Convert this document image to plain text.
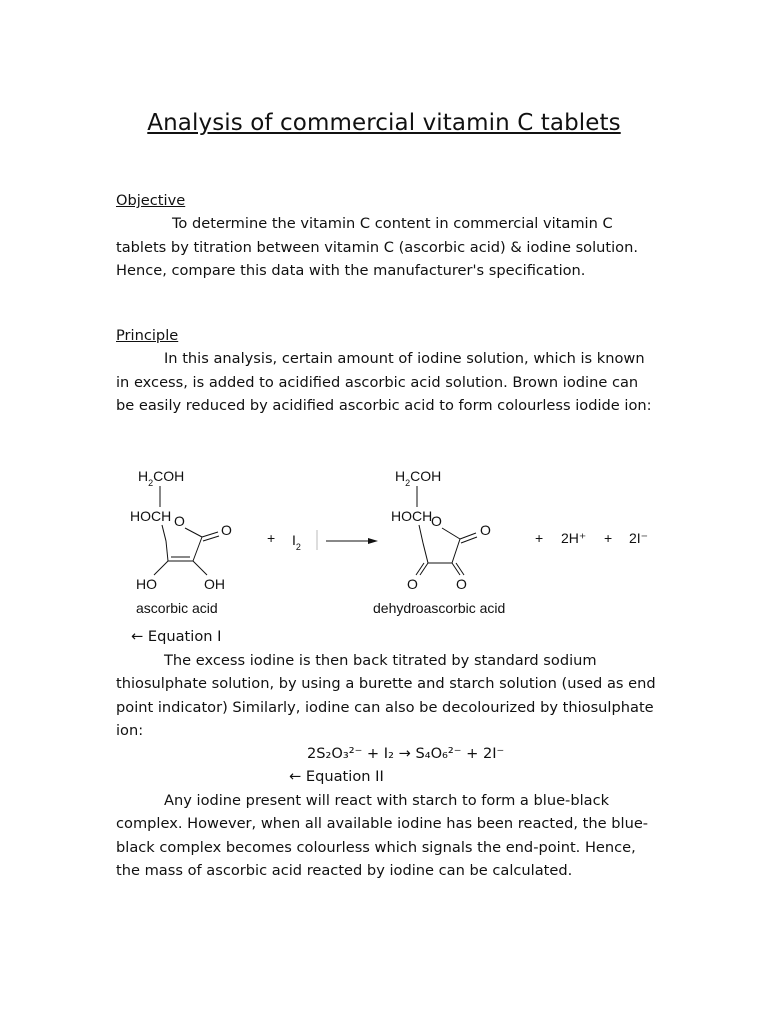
Analysis of commercial vitamin C tablets

Objective

To determine the vitamin C content in commercial vitamin C tablets by titration between vitamin C (ascorbic acid) & iodine solution. Hence, compare this data with the manufacturer's specification.

Principle

In this analysis, certain amount of iodine solution, which is known in excess, is added to acidified ascorbic acid solution. Brown iodine can be easily reduced by acidified ascorbic acid to form colourless iodide ion:

$H_2COH$
HOCH O
O
HO	OH
ascorbic acid
+ $I_2$
$H_2COH$
HOCH
O
O
O	O
dehydroascorbic acid
+ 2H⁺ + 2I⁻
← Equation I

The excess iodine is then back titrated by standard sodium thiosulphate solution, by using a burette and starch solution (used as end point indicator) Similarly, iodine can also be decolourized by thiosulphate ion:

2S₂O₃²⁻ + I₂ → S₄O₆²⁻ + 2I⁻
← Equation II

Any iodine present will react with starch to form a blue-black complex. However, when all available iodine has been reacted, the blue-black complex becomes colourless which signals the end-point. Hence, the mass of ascorbic acid reacted by iodine can be calculated.
